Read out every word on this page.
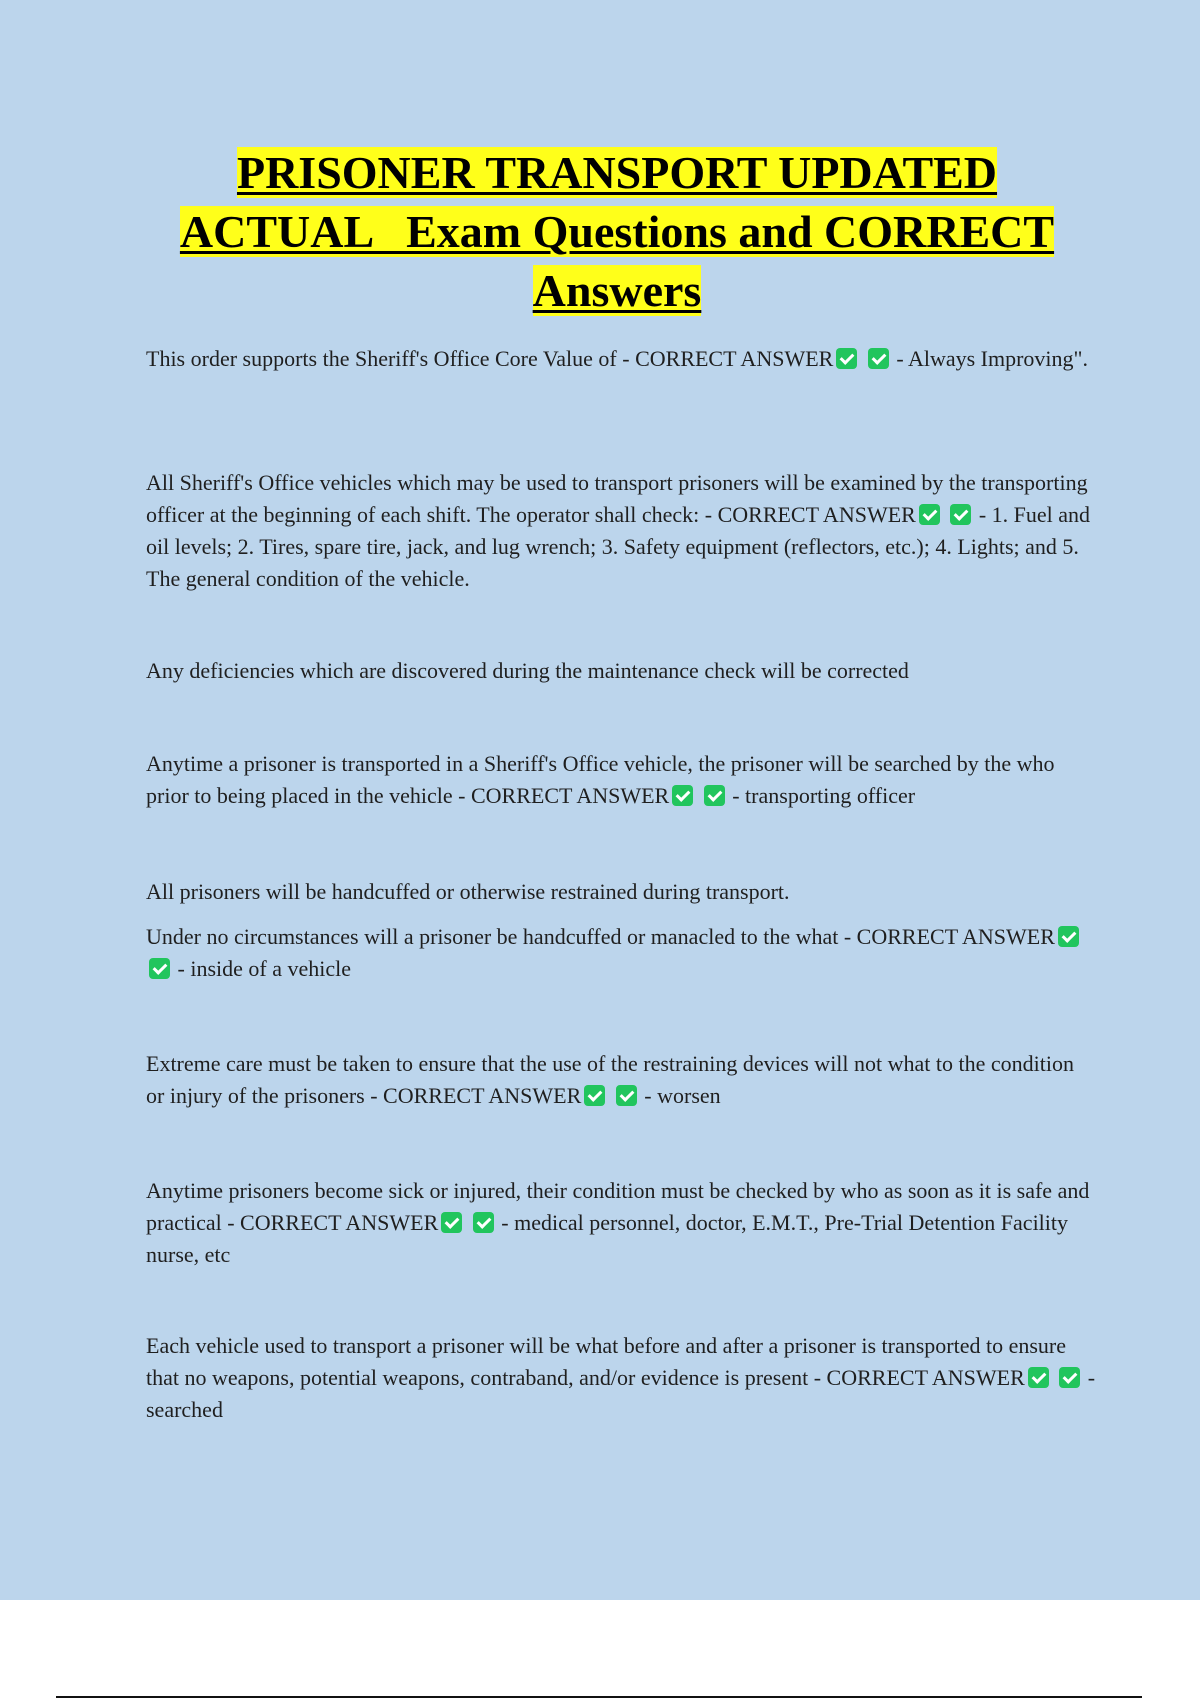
PRISONER TRANSPORT UPDATED
ACTUAL   Exam Questions and CORRECT
Answers

This order supports the Sheriff's Office Core Value of - CORRECT ANSWER	- Always Improving".

All Sheriff's Office vehicles which may be used to transport prisoners will be examined by the transporting officer at the beginning of each shift. The operator shall check: - CORRECT ANSWER	- 1. Fuel and oil levels; 2. Tires, spare tire, jack, and lug wrench; 3. Safety equipment (reflectors, etc.); 4. Lights; and 5. The general condition of the vehicle.

Any deficiencies which are discovered during the maintenance check will be corrected

Anytime a prisoner is transported in a Sheriff's Office vehicle, the prisoner will be searched by the who prior to being placed in the vehicle - CORRECT ANSWER	- transporting officer

All prisoners will be handcuffed or otherwise restrained during transport.

Under no circumstances will a prisoner be handcuffed or manacled to the what - CORRECT ANSWER  - inside of a vehicle

Extreme care must be taken to ensure that the use of the restraining devices will not what to the condition or injury of the prisoners - CORRECT ANSWER	- worsen

Anytime prisoners become sick or injured, their condition must be checked by who as soon as it is safe and practical - CORRECT ANSWER	- medical personnel, doctor, E.M.T., Pre-Trial Detention Facility nurse, etc

Each vehicle used to transport a prisoner will be what before and after a prisoner is transported to ensure that no weapons, potential weapons, contraband, and/or evidence is present - CORRECT ANSWER	- searched
